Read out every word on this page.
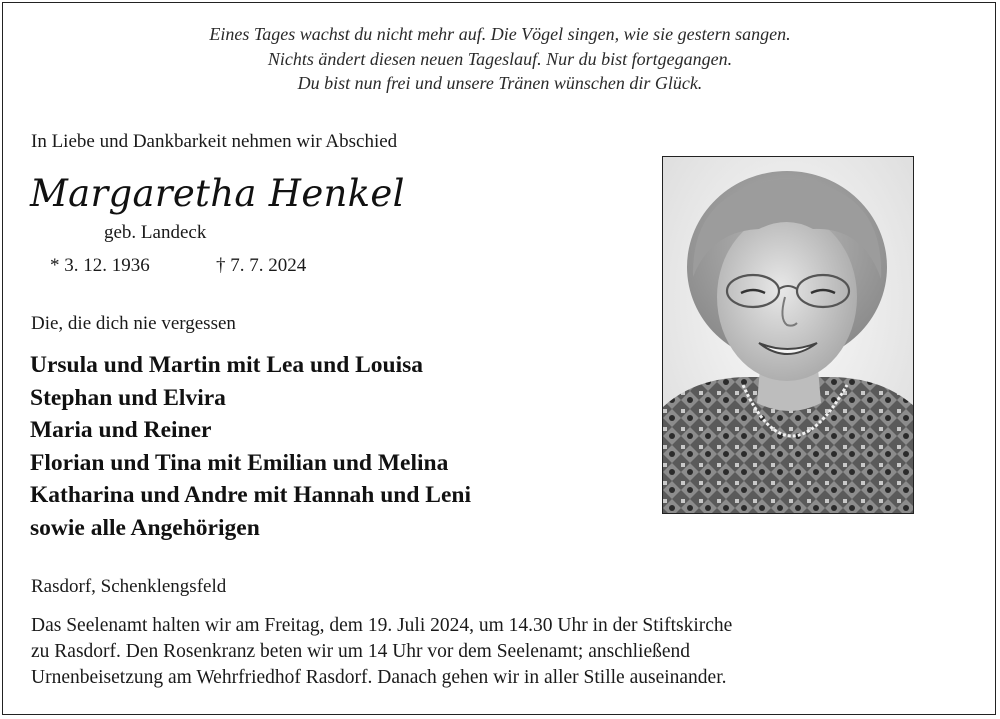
Eines Tages wachst du nicht mehr auf. Die Vögel singen, wie sie gestern sangen.
Nichts ändert diesen neuen Tageslauf. Nur du bist fortgegangen.
Du bist nun frei und unsere Tränen wünschen dir Glück.
In Liebe und Dankbarkeit nehmen wir Abschied
Margaretha Henkel
geb. Landeck
* 3. 12. 1936	† 7. 7. 2024
Die, die dich nie vergessen
Ursula und Martin mit Lea und Louisa
Stephan und Elvira
Maria und Reiner
Florian und Tina mit Emilian und Melina
Katharina und Andre mit Hannah und Leni
sowie alle Angehörigen
Rasdorf, Schenklengsfeld
Das Seelenamt halten wir am Freitag, dem 19. Juli 2024, um 14.30 Uhr in der Stiftskirche
zu Rasdorf. Den Rosenkranz beten wir um 14 Uhr vor dem Seelenamt; anschließend
Urnenbeisetzung am Wehrfriedhof Rasdorf. Danach gehen wir in aller Stille auseinander.
